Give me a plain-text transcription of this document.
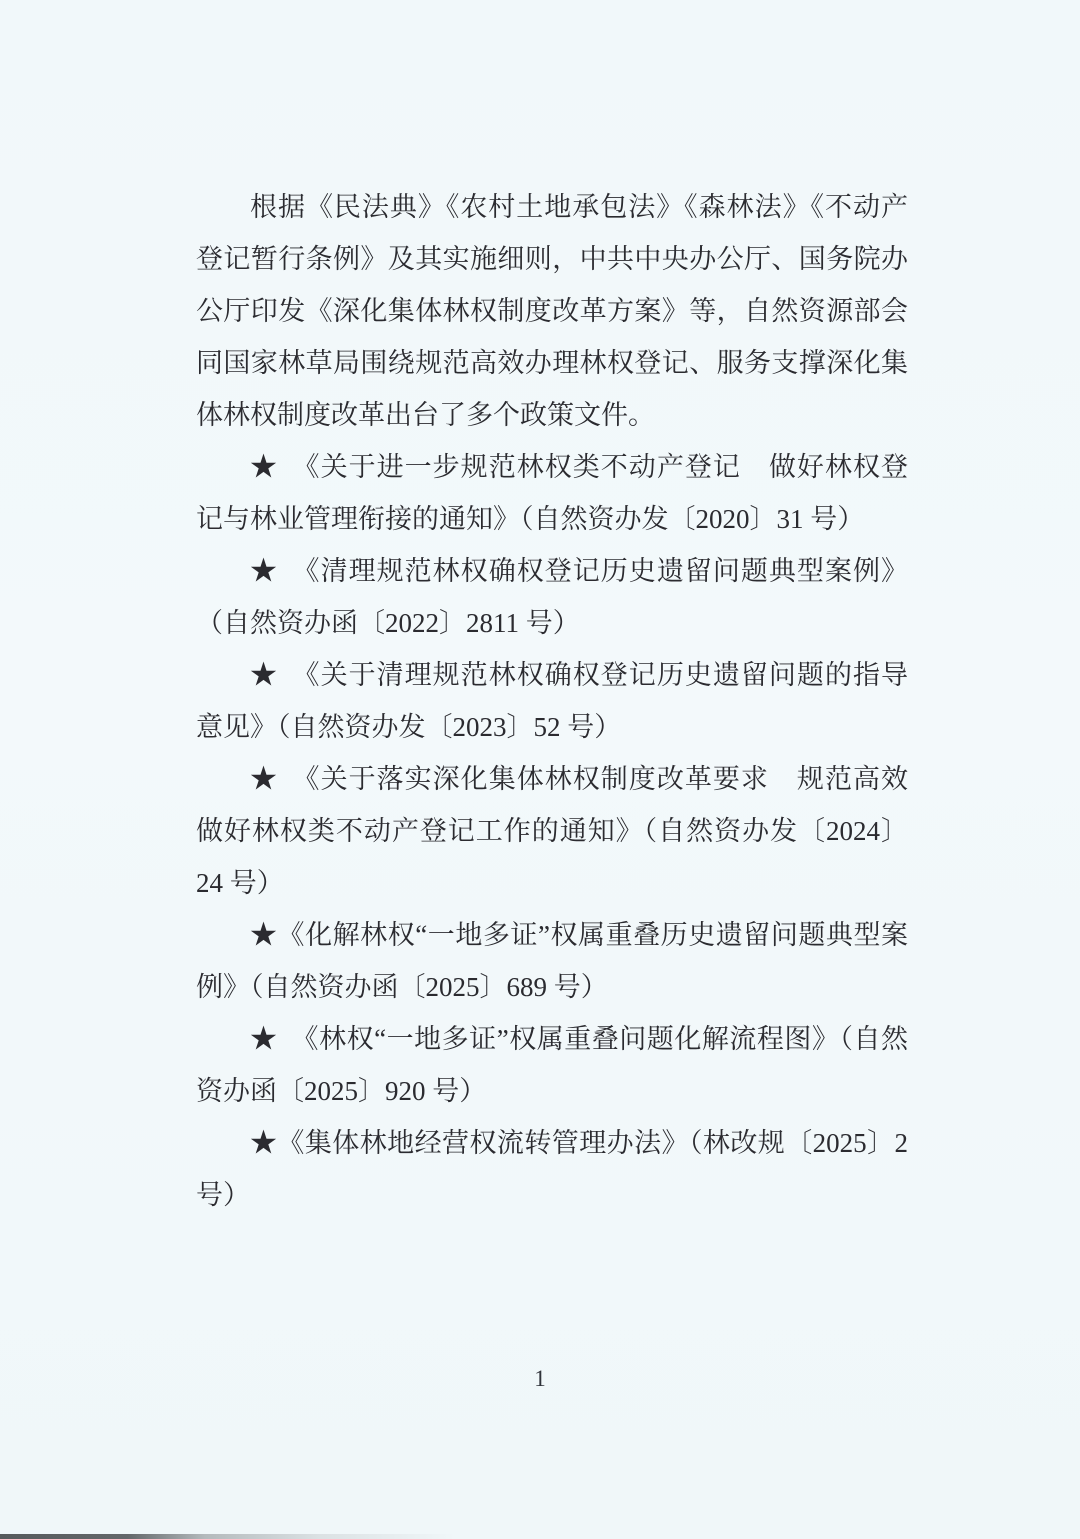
根据《民法典》《农村土地承包法》《森林法》《不动产登记暂行条例》及其实施细则，中共中央办公厅、国务院办公厅印发《深化集体林权制度改革方案》等，自然资源部会同国家林草局围绕规范高效办理林权登记、服务支撑深化集体林权制度改革出台了多个政策文件。

★　《关于进一步规范林权类不动产登记　做好林权登记与林业管理衔接的通知》（自然资办发〔2020〕31 号）

★　《清理规范林权确权登记历史遗留问题典型案例》（自然资办函〔2022〕2811 号）

★　《关于清理规范林权确权登记历史遗留问题的指导意见》（自然资办发〔2023〕52 号）

★　《关于落实深化集体林权制度改革要求　规范高效做好林权类不动产登记工作的通知》（自然资办发〔2024〕24 号）

★《化解林权“一地多证”权属重叠历史遗留问题典型案例》（自然资办函〔2025〕689 号）

★　《林权“一地多证”权属重叠问题化解流程图》（自然资办函〔2025〕920 号）

★《集体林地经营权流转管理办法》（林改规〔2025〕2 号）

1
